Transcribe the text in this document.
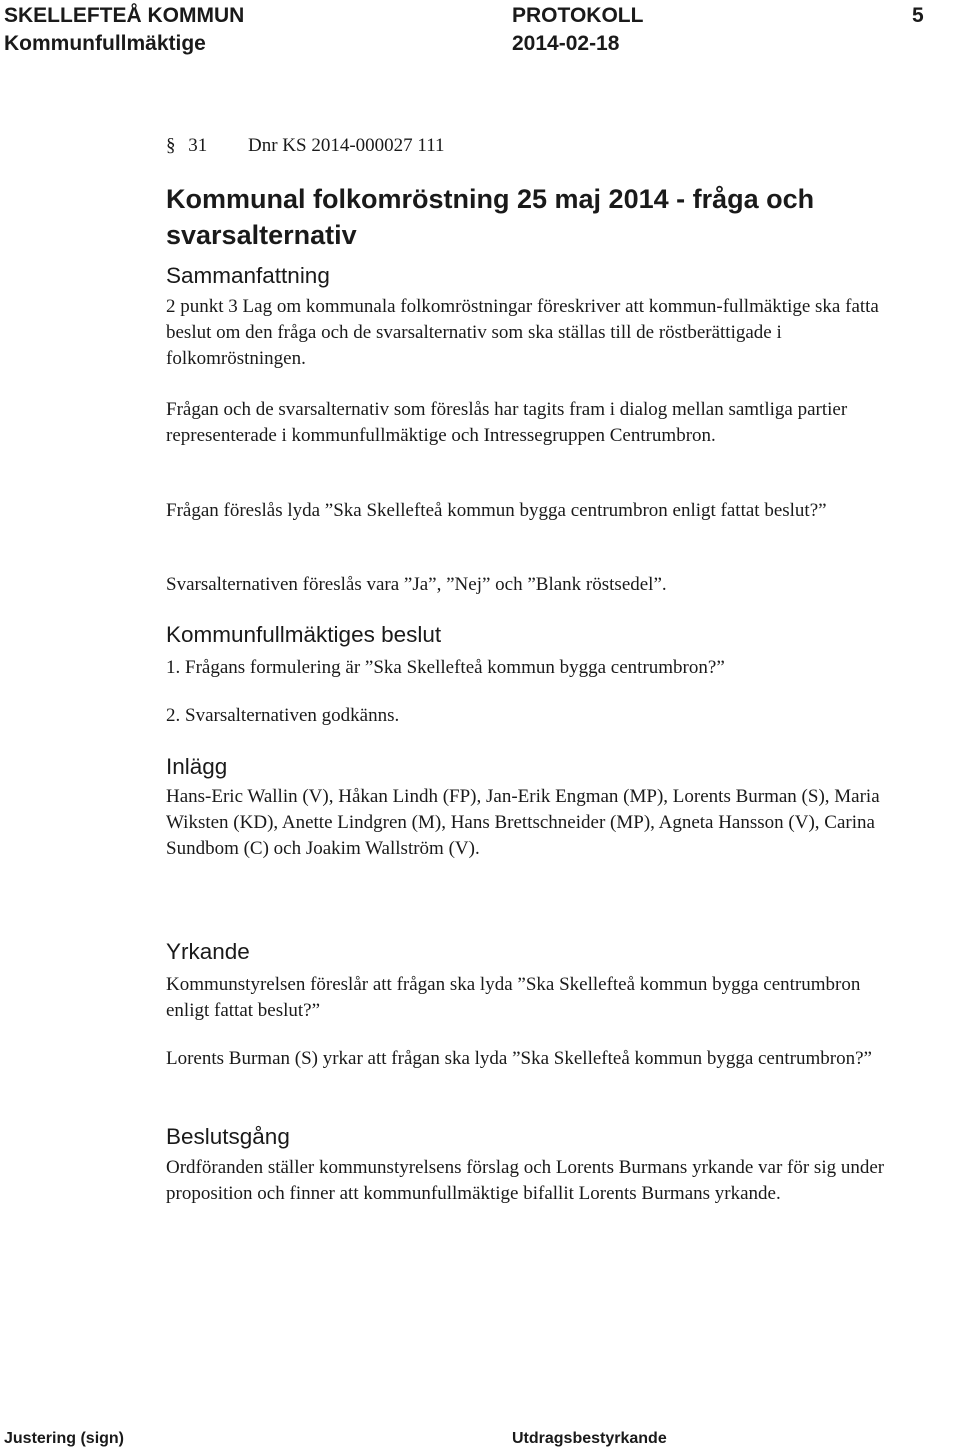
SKELLEFTEÅ KOMMUN
Kommunfullmäktige
PROTOKOLL
2014-02-18
5
§ 31 Dnr KS 2014-000027 111
Kommunal folkomröstning 25 maj 2014 - fråga och svarsalternativ
Sammanfattning

2 punkt 3 Lag om kommunala folkomröstningar föreskriver att kommun-fullmäktige ska fatta beslut om den fråga och de svarsalternativ som ska ställas till de röstberättigade i folkomröstningen.

Frågan och de svarsalternativ som föreslås har tagits fram i dialog mellan samtliga partier representerade i kommunfullmäktige och Intressegruppen Centrumbron.

Frågan föreslås lyda ”Ska Skellefteå kommun bygga centrumbron enligt fattat beslut?”

Svarsalternativen föreslås vara ”Ja”, ”Nej” och ”Blank röstsedel”.

Kommunfullmäktiges beslut

1. Frågans formulering är ”Ska Skellefteå kommun bygga centrumbron?”

2. Svarsalternativen godkänns.

Inlägg

Hans-Eric Wallin (V), Håkan Lindh (FP), Jan-Erik Engman (MP), Lorents Burman (S), Maria Wiksten (KD), Anette Lindgren (M), Hans Brettschneider (MP), Agneta Hansson (V), Carina Sundbom (C) och Joakim Wallström (V).

Yrkande

Kommunstyrelsen föreslår att frågan ska lyda ”Ska Skellefteå kommun bygga centrumbron enligt fattat beslut?”

Lorents Burman (S) yrkar att frågan ska lyda ”Ska Skellefteå kommun bygga centrumbron?”

Beslutsgång

Ordföranden ställer kommunstyrelsens förslag och Lorents Burmans yrkande var för sig under proposition och finner att kommunfullmäktige bifallit Lorents Burmans yrkande.

Justering (sign)	Utdragsbestyrkande
